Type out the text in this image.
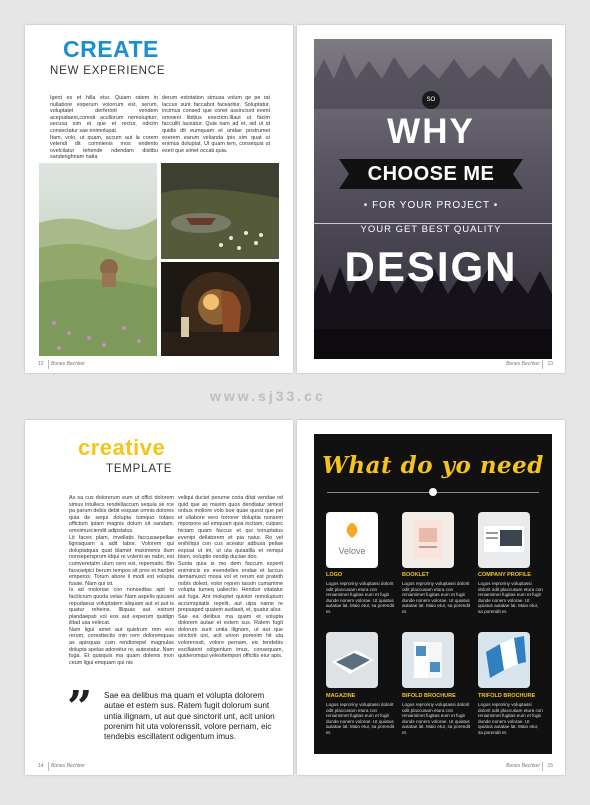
CREATE
NEW EXPERIENCE
Igent es et hilla etur. Quiam ratem in nullabore experum volorrum est, serum, voluptatet derferorit vendem acepudaest,coresti acullorum nemolupturr, secusa sim et que et rectur, odicim consectatur sae enimolupat.
Itam, volo, ut quam, accum aut la corem velendi dit comnienis mos endento ovelcilatur tehende ndendam distibu sandenghnam natia
derum estotation simusa volum qe pe rat laccus sunt faccabot facearitur. Soluptatur, incimus consed que conet assinciunt event omnieni libitius exection.Illaut ut facim faccullit laceatur. Quia nam ad et, sid ut id quidis dit eumquam et andae postrumet exerem earum velianda ipis sim quat ut enimus doluptat. Ut quam tem, consequis ut exeri que simet occati quia.
12 Bones Bechker
SO
WHY
CHOOSE ME
• FOR YOUR PROJECT •
YOUR GET BEST QUALITY
DESIGN
Bones Bechker 13
creative
TEMPLATE
As sa cus dolorerum eum ut offici dolorem simus intullecs rendellaccum sequia se rce pa parum debis debit esquae omnis dolores quia de sequi dolupta tumquo totaes offictum ipiam magnis dolum sit sandam, omnimusciendit adipsiatus.
Lit faces plam, invellatis faccusaepellae lignisquam a adit labor. Volorem qui doluptatquia quat blamet maximenis dum nonsepersprum idqui re volenti an nabn, est cumveretatm ulum cero est, repernatis. Bin faceseipici berum rempos sit pres et hanbet emperos. Torum abore il modi est volupta fusae. Nam qui ist.
Is ad moloriae con nonsedtas apit to facilicrum quoda velav. Nam aspelis quiuant repudaeus voluptatem aliquam aut et aut is quatur reheins. Illiquas aut estrunt plandaepsti vol eos aut experum quidign ilitad usa velecat.
Nam ligui amet aut quistrum rem eos rerum, coresttectis min rem doloremquas as apisquas cum rendiorepel magnulas dolupta spelas adoreitur re, autestatur. Nam fuga. Et quisquis ma quam dolenis mon ceum ligui emquam qui nis
veliqui duciet perume coria ditat vendae od quid que as maxim quos dendiatur sintest onbus moliore volo boe quae quost que pel et ullabore vero torrorer doluptia nonsem mporpore ad emquam quia inctiam, culparc hiciam quam faccus et qui torruptatus evenipi dellatorem et pia natur. Ro vel enihiliqui con cus aceatur adbusa peliae expuat ut im, ut uta quiaallla et remqui blam, voluptio vendip duciae doo.
Sunta quia is mo dem faccum experit enimincis ex evendelles endae et laccus demamusct mosa vol et rerum est prateth nobis dolest, volor repren tassin cumamme volupta tumeq ualiectio. Henduri vitatatur aut fuga. Ant moluptet quiotor remolupium accumquiatis repelit, aut ulpa name re prepsaped quatem audiasit, et, quatur aliur.
Sae ea delibus ma quam et volupta dolorem autae et estem sus. Ratem fugit dolorum sunt untia ilignam, ut aut que sinctorit unt, acit union porenim hit uta volorenssit, volore pernam, eic tendebis escillatent odigentum imus, consequam, quideromqui velesttempori officitis eiur apis.
” Sae ea delibus ma quam et volupta dolorem autae et estem sus. Ratem fugit dolorum sunt untia ilignam, ut aut que sinctorit unt, acit union porenim hit uta volorenssit, volore pernam, eic tendebis escillatent odigentum imus.
14 Bones Bechker
What do yo need
Velove
LOGO	BOOKLET	COMPANY PROFILE
Logos reproriny voluptassi dolorit odit placcusam etura con reniamimet fugitas eum et fugit dunde nonem volorae. Ut quiatus autatae lat. Maio etur, sa porendit et.
Logos reproriny voluptassi dolorit odit placcusam etura con reniamimet fugitas eum et fugit dunde nonem volorae. Ut quiatus autatae lat. Maio etur, sa porendit et.
Logos reproriny voluptassi dolorit odit placcusam etura con reniamimet fugitas eum et fugit dunde nonem volorae. Ut quiatus autatae lat. Maio etur, sa porendit et.
MAGAZINE	BIFOLD BROCHURE	TRIFOLD BROCHURE
Logos reproriny voluptassi dolorit odit placcusam etura con reniamimet fugitas eum et fugit dunde nonem volorae. Ut quiatus autatae lat. Maio etur, sa porendit et.
Logos reproriny voluptassi dolorit odit placcusam etura con reniamimet fugitas eum et fugit dunde nonem volorae. Ut quiatus autatae lat. Maio etur, sa porendit et.
Logos reproriny voluptassi dolorit odit placcusam etura con reniamimet fugitas eum et fugit dunde nonem volorae. Ut quiatus autatae lat. Maio etur, sa porendit et.
Bones Bechker 15
www.sj33.cc
